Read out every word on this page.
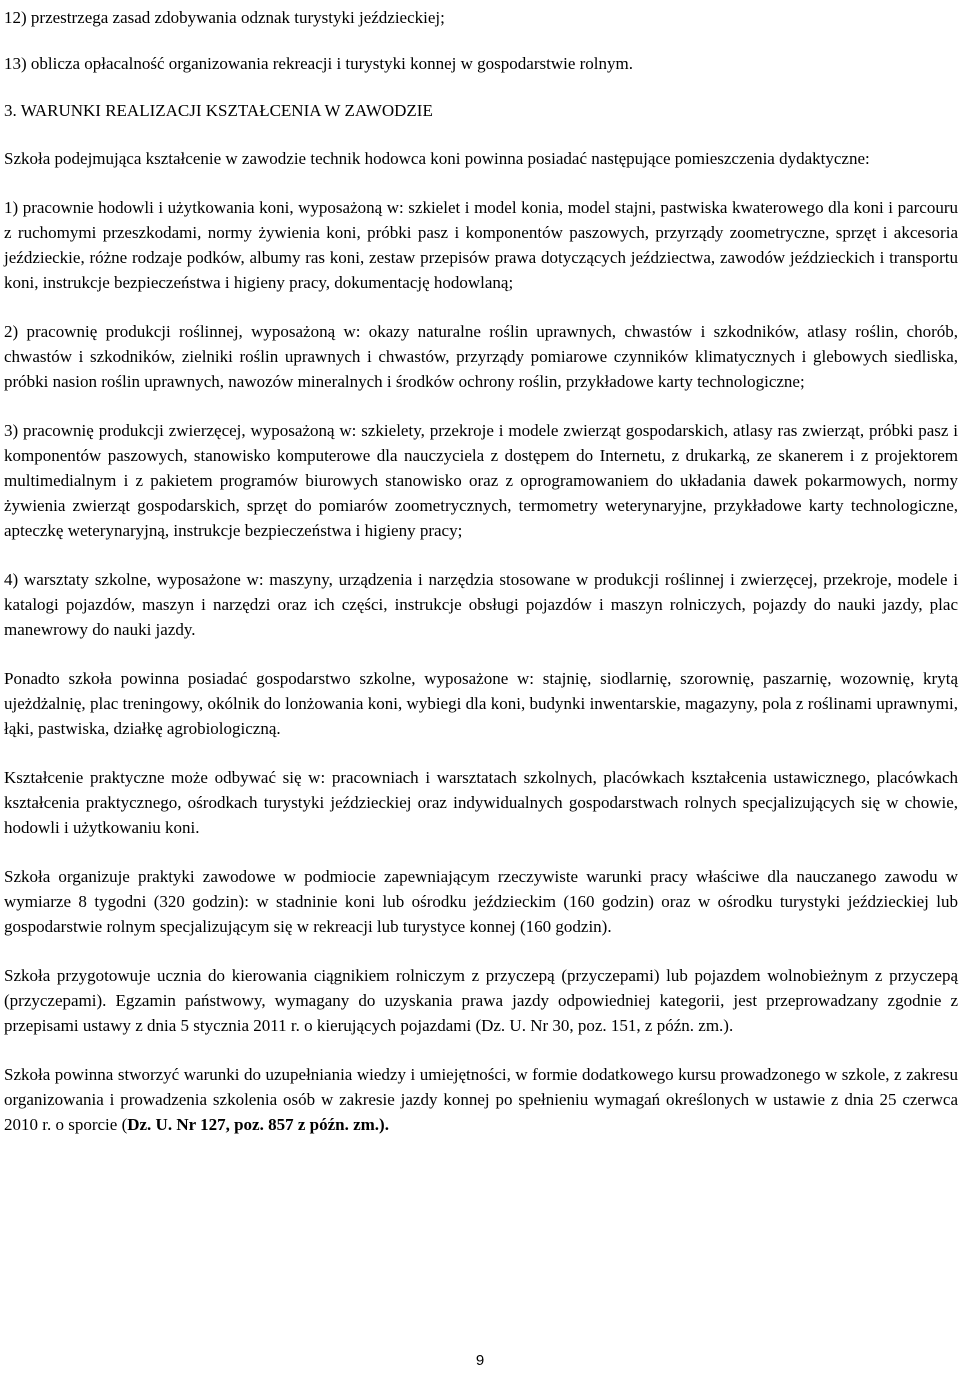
12) przestrzega zasad zdobywania odznak turystyki jeździeckiej;

13) oblicza opłacalność organizowania rekreacji i turystyki konnej w gospodarstwie rolnym.

3. WARUNKI REALIZACJI KSZTAŁCENIA W ZAWODZIE

Szkoła podejmująca kształcenie w zawodzie technik hodowca koni powinna posiadać następujące pomieszczenia dydaktyczne:

1) pracownie hodowli i użytkowania koni, wyposażoną w: szkielet i model konia, model stajni, pastwiska kwaterowego dla koni i parcouru z ruchomymi przeszkodami, normy żywienia koni, próbki pasz i komponentów paszowych, przyrządy zoometryczne, sprzęt i akcesoria jeździeckie, różne rodzaje podków, albumy ras koni, zestaw przepisów prawa dotyczących jeździectwa, zawodów jeździeckich i transportu koni, instrukcje bezpieczeństwa i higieny pracy, dokumentację hodowlaną;

2) pracownię produkcji roślinnej, wyposażoną w: okazy naturalne roślin uprawnych, chwastów i szkodników, atlasy roślin, chorób, chwastów i szkodników, zielniki roślin uprawnych i chwastów, przyrządy pomiarowe czynników klimatycznych i glebowych siedliska, próbki nasion roślin uprawnych, nawozów mineralnych i środków ochrony roślin, przykładowe karty technologiczne;

3) pracownię produkcji zwierzęcej, wyposażoną w: szkielety, przekroje i modele zwierząt gospodarskich, atlasy ras zwierząt, próbki pasz i komponentów paszowych, stanowisko komputerowe dla nauczyciela z dostępem do Internetu, z drukarką, ze skanerem i z projektorem multimedialnym i z pakietem programów biurowych stanowisko oraz z oprogramowaniem do układania dawek pokarmowych, normy żywienia zwierząt gospodarskich, sprzęt do pomiarów zoometrycznych, termometry weterynaryjne, przykładowe karty technologiczne, apteczkę weterynaryjną, instrukcje bezpieczeństwa i higieny pracy;

4) warsztaty szkolne, wyposażone w: maszyny, urządzenia i narzędzia stosowane w produkcji roślinnej i zwierzęcej, przekroje, modele i katalogi pojazdów, maszyn i narzędzi oraz ich części, instrukcje obsługi pojazdów i maszyn rolniczych, pojazdy do nauki jazdy, plac manewrowy do nauki jazdy.

Ponadto szkoła powinna posiadać gospodarstwo szkolne, wyposażone w: stajnię, siodlarnię, szorownię, paszarnię, wozownię, krytą ujeżdżalnię, plac treningowy, okólnik do lonżowania koni, wybiegi dla koni, budynki inwentarskie, magazyny, pola z roślinami uprawnymi, łąki, pastwiska, działkę agrobiologiczną.

Kształcenie praktyczne może odbywać się w: pracowniach i warsztatach szkolnych, placówkach kształcenia ustawicznego, placówkach kształcenia praktycznego, ośrodkach turystyki jeździeckiej oraz indywidualnych gospodarstwach rolnych specjalizujących się w chowie, hodowli i użytkowaniu koni.

Szkoła organizuje praktyki zawodowe w podmiocie zapewniającym rzeczywiste warunki pracy właściwe dla nauczanego zawodu w wymiarze 8 tygodni (320 godzin): w stadninie koni lub ośrodku jeździeckim (160 godzin) oraz w ośrodku turystyki jeździeckiej lub gospodarstwie rolnym specjalizującym się w rekreacji lub turystyce konnej (160 godzin).

Szkoła przygotowuje ucznia do kierowania ciągnikiem rolniczym z przyczepą (przyczepami) lub pojazdem wolnobieżnym z przyczepą (przyczepami). Egzamin państwowy, wymagany do uzyskania prawa jazdy odpowiedniej kategorii, jest przeprowadzany zgodnie z przepisami ustawy z dnia 5 stycznia 2011 r. o kierujących pojazdami (Dz. U. Nr 30, poz. 151, z późn. zm.).

Szkoła powinna stworzyć warunki do uzupełniania wiedzy i umiejętności, w formie dodatkowego kursu prowadzonego w szkole, z zakresu organizowania i prowadzenia szkolenia osób w zakresie jazdy konnej po spełnieniu wymagań określonych w ustawie z dnia 25 czerwca 2010 r. o sporcie (Dz. U. Nr 127, poz. 857 z późn. zm.).

9
